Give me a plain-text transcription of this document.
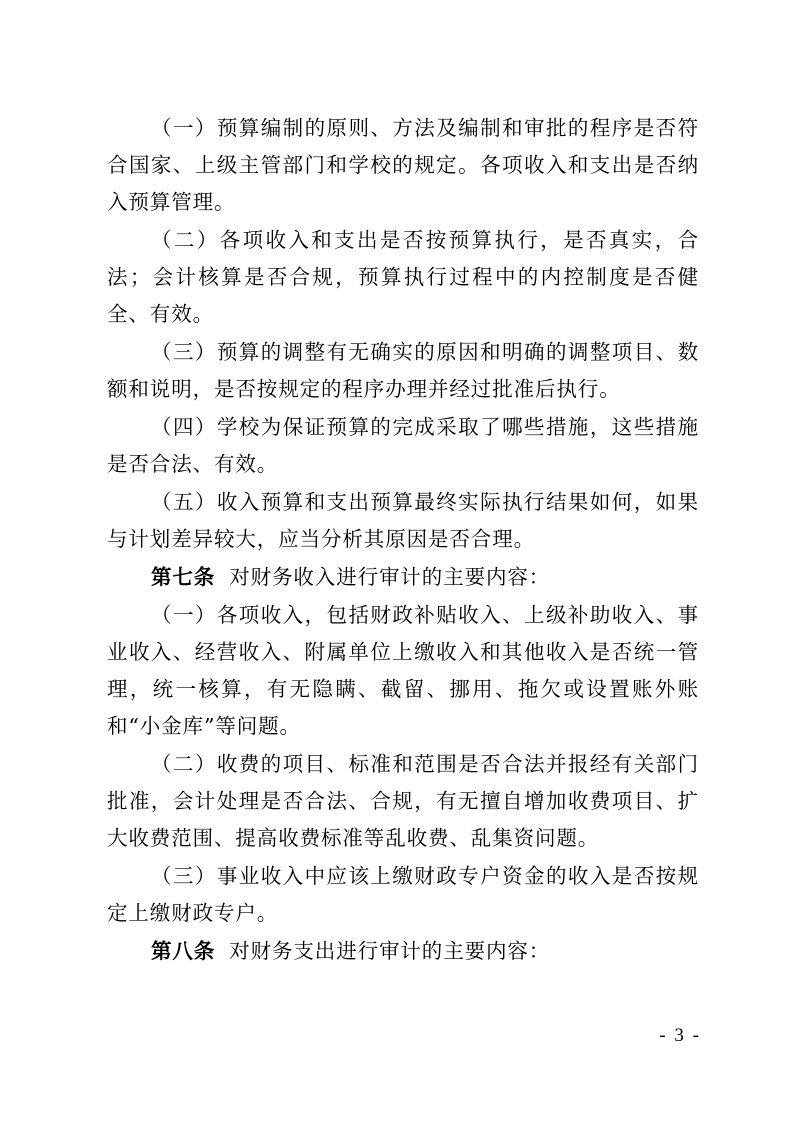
（一）预算编制的原则、方法及编制和审批的程序是否符合国家、上级主管部门和学校的规定。各项收入和支出是否纳入预算管理。

（二）各项收入和支出是否按预算执行，是否真实，合法；会计核算是否合规，预算执行过程中的内控制度是否健全、有效。

（三）预算的调整有无确实的原因和明确的调整项目、数额和说明，是否按规定的程序办理并经过批准后执行。

（四）学校为保证预算的完成采取了哪些措施，这些措施是否合法、有效。

（五）收入预算和支出预算最终实际执行结果如何，如果与计划差异较大，应当分析其原因是否合理。

第七条 对财务收入进行审计的主要内容：

（一）各项收入，包括财政补贴收入、上级补助收入、事业收入、经营收入、附属单位上缴收入和其他收入是否统一管理，统一核算，有无隐瞒、截留、挪用、拖欠或设置账外账和“小金库”等问题。

（二）收费的项目、标准和范围是否合法并报经有关部门批准，会计处理是否合法、合规，有无擅自增加收费项目、扩大收费范围、提高收费标准等乱收费、乱集资问题。

（三）事业收入中应该上缴财政专户资金的收入是否按规定上缴财政专户。

第八条 对财务支出进行审计的主要内容：

- 3 -
